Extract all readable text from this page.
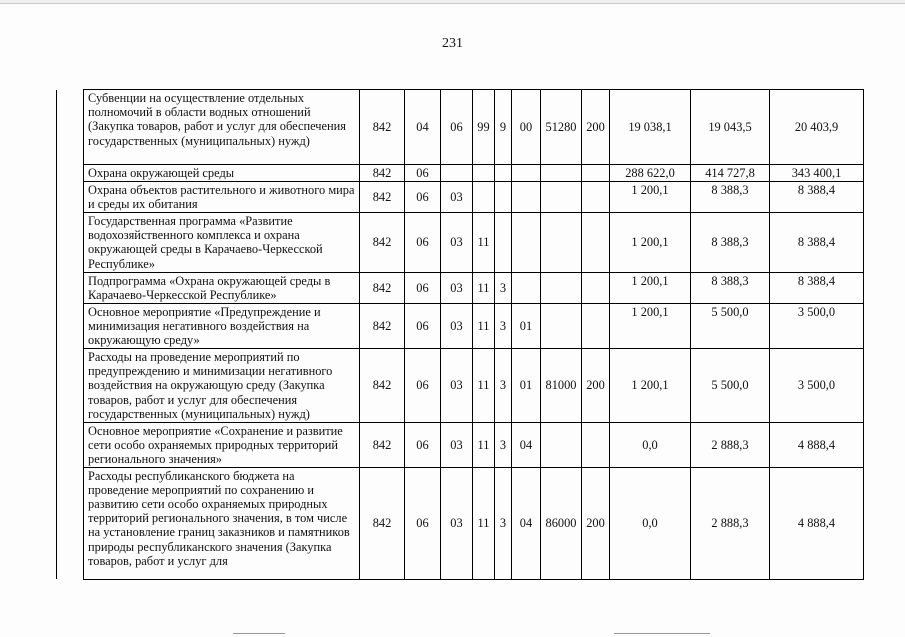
231
	Субвенции на осуществление отдельных полномочий в области водных отношений (Закупка товаров, работ и услуг для обеспечения государственных (муниципальных) нужд)	842	04	06	99	9	00	51280	200	19 038,1	19 043,5	20 403,9
	Охрана окружающей среды	842	06							288 622,0	414 727,8	343 400,1
	Охрана объектов растительного и животного мира и среды их обитания	842	06	03						1 200,1	8 388,3	8 388,4
	Государственная программа «Развитие водохозяйственного комплекса и охрана окружающей среды в Карачаево-Черкесской Республике»	842	06	03	11					1 200,1	8 388,3	8 388,4
	Подпрограмма «Охрана окружающей среды в Карачаево-Черкесской Республике»	842	06	03	11	3				1 200,1	8 388,3	8 388,4
	Основное мероприятие «Предупреждение и минимизация негативного воздействия на окружающую среду»	842	06	03	11	3	01			1 200,1	5 500,0	3 500,0
	Расходы на проведение мероприятий по предупреждению и минимизации негативного воздействия на окружающую среду (Закупка товаров, работ и услуг для обеспечения государственных (муниципальных) нужд)	842	06	03	11	3	01	81000	200	1 200,1	5 500,0	3 500,0
	Основное мероприятие «Сохранение и развитие сети особо охраняемых природных территорий регионального значения»	842	06	03	11	3	04			0,0	2 888,3	4 888,4
	Расходы республиканского бюджета на проведение мероприятий по сохранению и развитию сети особо охраняемых природных территорий регионального значения, в том числе на установление границ заказников и памятников природы республиканского значения (Закупка товаров, работ и услуг для	842	06	03	11	3	04	86000	200	0,0	2 888,3	4 888,4
